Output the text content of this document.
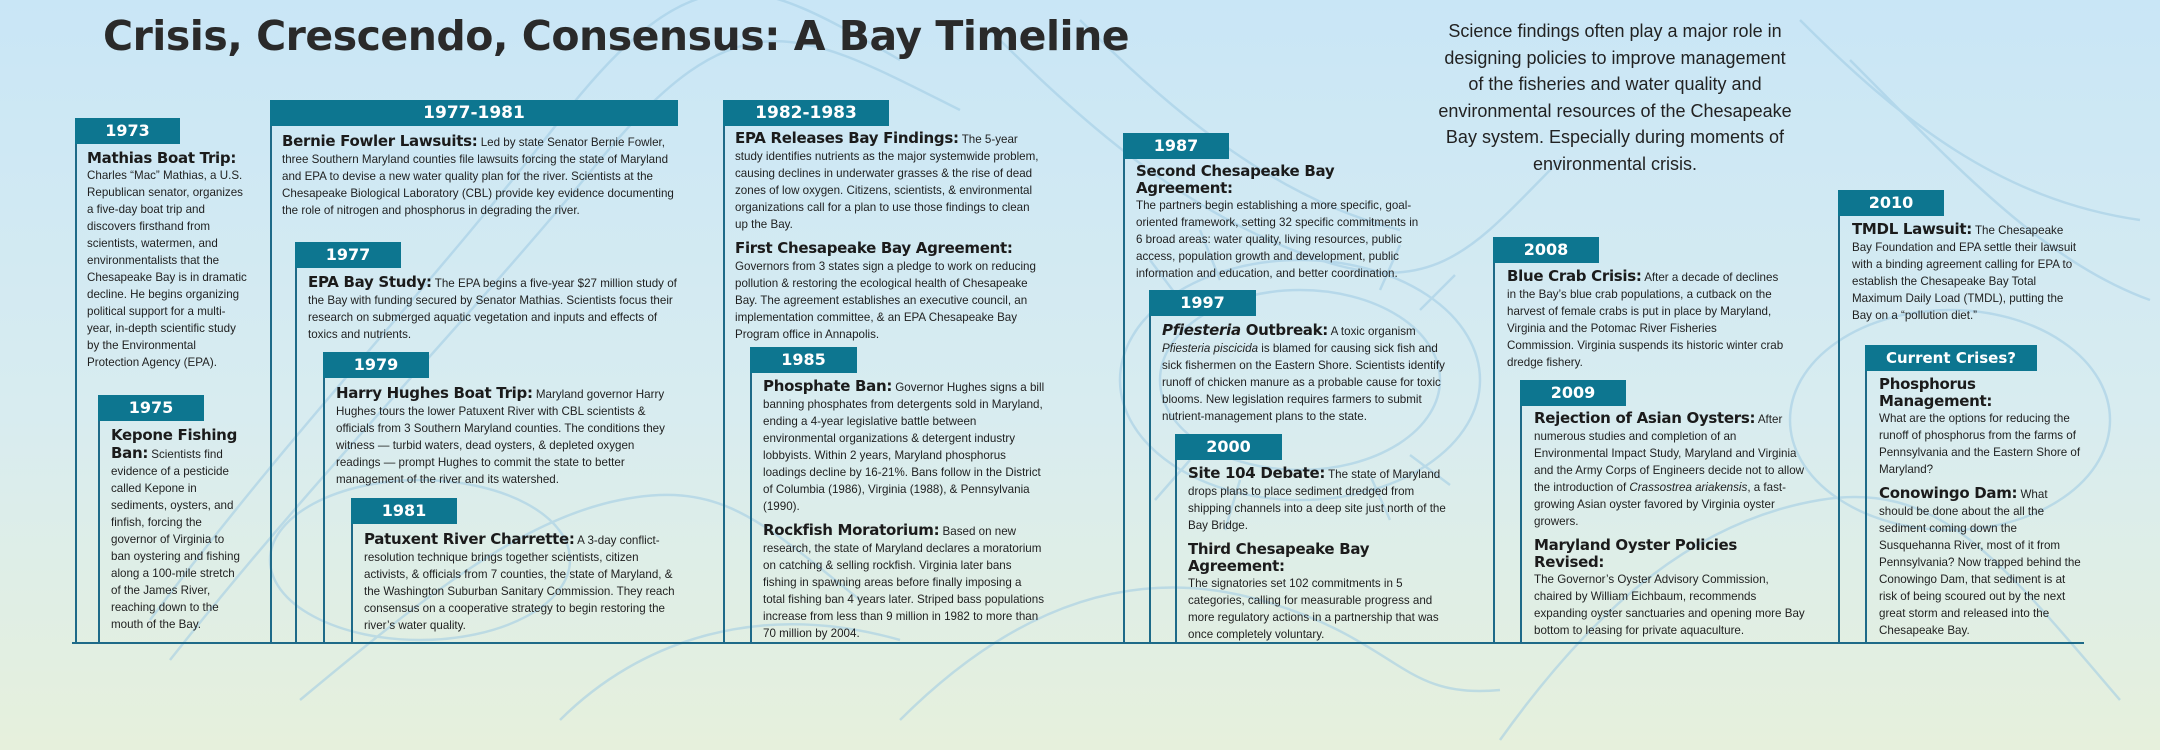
Crisis, Crescendo, Consensus: A Bay Timeline	Science findings often play a major role in designing policies to improve management of the fisheries and water quality and environmental resources of the Chesapeake Bay system. Especially during moments of environmental crisis.
1973
Mathias Boat Trip:
Charles “Mac” Mathias, a U.S. Republican senator, organizes a five-day boat trip and discovers firsthand from scientists, watermen, and environmentalists that the Chesapeake Bay is in dramatic decline. He begins organizing political support for a multi-year, in-depth scientific study by the Environmental Protection Agency (EPA).
1975
Kepone Fishing Ban: Scientists find evidence of a pesticide called Kepone in sediments, oysters, and finfish, forcing the governor of Virginia to ban oystering and fishing along a 100-mile stretch of the James River, reaching down to the mouth of the Bay.
1977-1981
Bernie Fowler Lawsuits: Led by state Senator Bernie Fowler, three Southern Maryland counties file lawsuits forcing the state of Maryland and EPA to devise a new water quality plan for the river. Scientists at the Chesapeake Biological Laboratory (CBL) provide key evidence documenting the role of nitrogen and phosphorus in degrading the river.
1977
EPA Bay Study: The EPA begins a five-year $27 million study of the Bay with funding secured by Senator Mathias. Scientists focus their research on submerged aquatic vegetation and inputs and effects of toxics and nutrients.
1979
Harry Hughes Boat Trip: Maryland governor Harry Hughes tours the lower Patuxent River with CBL scientists & officials from 3 Southern Maryland counties. The conditions they witness — turbid waters, dead oysters, & depleted oxygen readings — prompt Hughes to commit the state to better management of the river and its watershed.
1981
Patuxent River Charrette: A 3-day conflict-resolution technique brings together scientists, citizen activists, & officials from 7 counties, the state of Maryland, & the Washington Suburban Sanitary Commission. They reach consensus on a cooperative strategy to begin restoring the river’s water quality.
1982-1983

EPA Releases Bay Findings: The 5-year study identifies nutrients as the major systemwide problem, causing declines in underwater grasses & the rise of dead zones of low oxygen. Citizens, scientists, & environmental organizations call for a plan to use those findings to clean up the Bay.

First Chesapeake Bay Agreement: Governors from 3 states sign a pledge to work on reducing pollution & restoring the ecological health of Chesapeake Bay. The agreement establishes an executive council, an implementation committee, & an EPA Chesapeake Bay Program office in Annapolis.

1985

Phosphate Ban: Governor Hughes signs a bill banning phosphates from detergents sold in Maryland, ending a 4-year legislative battle between environmental organizations & detergent industry lobbyists. Within 2 years, Maryland phosphorus loadings decline by 16-21%. Bans follow in the District of Columbia (1986), Virginia (1988), & Pennsylvania (1990).

Rockfish Moratorium: Based on new research, the state of Maryland declares a moratorium on catching & selling rockfish. Virginia later bans fishing in spawning areas before finally imposing a total fishing ban 4 years later. Striped bass populations increase from less than 9 million in 1982 to more than 70 million by 2004.

1987
Second Chesapeake Bay Agreement:
The partners begin establishing a more specific, goal-oriented framework, setting 32 specific commitments in 6 broad areas: water quality, living resources, public access, population growth and development, public information and education, and better coordination.
1997
Pfiesteria Outbreak: A toxic organism Pfiesteria piscicida is blamed for causing sick fish and sick fishermen on the Eastern Shore. Scientists identify runoff of chicken manure as a probable cause for toxic blooms. New legislation requires farmers to submit nutrient-management plans to the state.
2000

Site 104 Debate: The state of Maryland drops plans to place sediment dredged from shipping channels into a deep site just north of the Bay Bridge.

Third Chesapeake Bay Agreement:
The signatories set 102 commitments in 5 categories, calling for measurable progress and more regulatory actions in a partnership that was once completely voluntary.

2008
Blue Crab Crisis: After a decade of declines in the Bay’s blue crab populations, a cutback on the harvest of female crabs is put in place by Maryland, Virginia and the Potomac River Fisheries Commission. Virginia suspends its historic winter crab dredge fishery.
2009

Rejection of Asian Oysters: After numerous studies and completion of an Environmental Impact Study, Maryland and Virginia and the Army Corps of Engineers decide not to allow the introduction of Crassostrea ariakensis, a fast-growing Asian oyster favored by Virginia oyster growers.

Maryland Oyster Policies Revised:
The Governor’s Oyster Advisory Commission, chaired by William Eichbaum, recommends expanding oyster sanctuaries and opening more Bay bottom to leasing for private aquaculture.

2010
TMDL Lawsuit: The Chesapeake Bay Foundation and EPA settle their lawsuit with a binding agreement calling for EPA to establish the Chesapeake Bay Total Maximum Daily Load (TMDL), putting the Bay on a “pollution diet.”
Current Crises?

Phosphorus Management:
What are the options for reducing the runoff of phosphorus from the farms of Pennsylvania and the Eastern Shore of Maryland?

Conowingo Dam: What should be done about the all the sediment coming down the Susquehanna River, most of it from Pennsylvania? Now trapped behind the Conowingo Dam, that sediment is at risk of being scoured out by the next great storm and released into the Chesapeake Bay.
